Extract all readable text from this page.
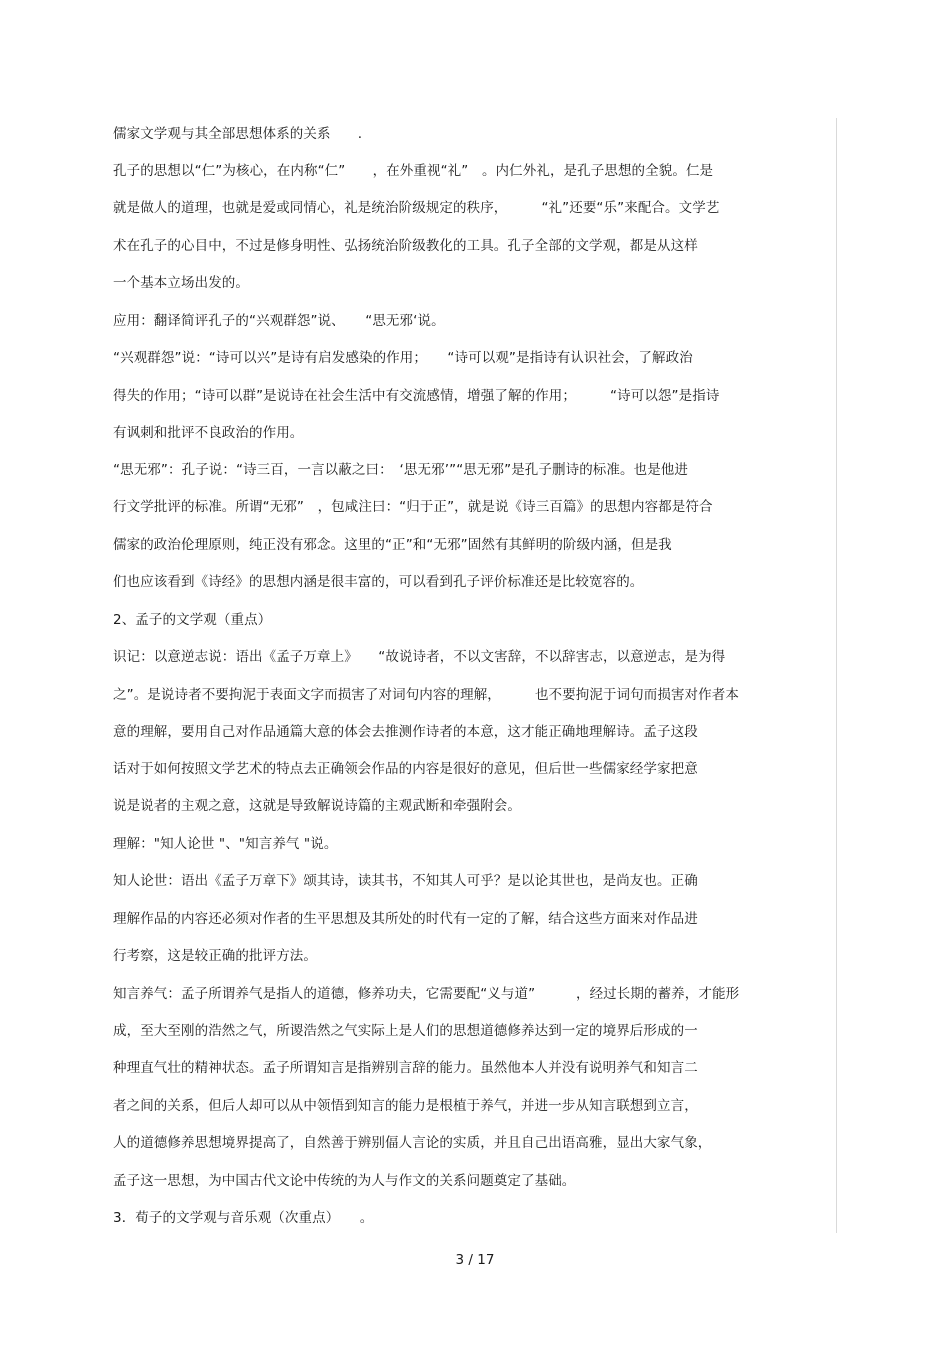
儒家文学观与其全部思想体系的关系　　.
孔子的思想以“仁”为核心，在内称“仁”　　，在外重视“礼”　。内仁外礼，是孔子思想的全貌。仁是
就是做人的道理，也就是爱或同情心，礼是统治阶级规定的秩序，　　　“礼”还要“乐”来配合。文学艺
术在孔子的心目中，不过是修身明性、弘扬统治阶级教化的工具。孔子全部的文学观，都是从这样
一个基本立场出发的。
应用：翻译简评孔子的“兴观群怨”说、　　“思无邪‘说。
“兴观群怨”说：“诗可以兴”是诗有启发感染的作用；　　“诗可以观”是指诗有认识社会，了解政治
得失的作用；“诗可以群”是说诗在社会生活中有交流感情，增强了解的作用；　　　“诗可以怨”是指诗
有讽刺和批评不良政治的作用。
“思无邪”：孔子说：“诗三百，一言以蔽之曰：　‘思无邪’”“思无邪”是孔子删诗的标准。也是他进
行文学批评的标准。所谓“无邪”　，包咸注曰：“归于正”，就是说《诗三百篇》的思想内容都是符合
儒家的政治伦理原则，纯正没有邪念。这里的“正”和“无邪”固然有其鲜明的阶级内涵，但是我
们也应该看到《诗经》的思想内涵是很丰富的，可以看到孔子评价标准还是比较宽容的。
2、孟子的文学观（重点）
识记：以意逆志说：语出《孟子万章上》　　“故说诗者，不以文害辞，不以辞害志，以意逆志，是为得
之”。是说诗者不要拘泥于表面文字而损害了对词句内容的理解，　　　也不要拘泥于词句而损害对作者本
意的理解，要用自己对作品通篇大意的体会去推测作诗者的本意，这才能正确地理解诗。孟子这段
话对于如何按照文学艺术的特点去正确领会作品的内容是很好的意见，但后世一些儒家经学家把意
说是说者的主观之意，这就是导致解说诗篇的主观武断和牵强附会。
理解："知人论世 "、"知言养气 "说。
知人论世：语出《孟子万章下》颂其诗，读其书，不知其人可乎？是以论其世也，是尚友也。正确
理解作品的内容还必须对作者的生平思想及其所处的时代有一定的了解，结合这些方面来对作品进
行考察，这是较正确的批评方法。
知言养气：孟子所谓养气是指人的道德，修养功夫，它需要配“义与道”　　　，经过长期的蓄养，才能形
成，至大至刚的浩然之气，所谡浩然之气实际上是人们的思想道德修养达到一定的境界后形成的一
种理直气壮的精神状态。孟子所谓知言是指辨别言辞的能力。虽然他本人并没有说明养气和知言二
者之间的关系，但后人却可以从中领悟到知言的能力是根植于养气，并进一步从知言联想到立言，
人的道德修养思想境界提高了，自然善于辨别偪人言论的实质，并且自己出语高雅，显出大家气象，
孟子这一思想，为中国古代文论中传统的为人与作文的关系问题奠定了基础。
3．荀子的文学观与音乐观（次重点）　　。
3 / 17
